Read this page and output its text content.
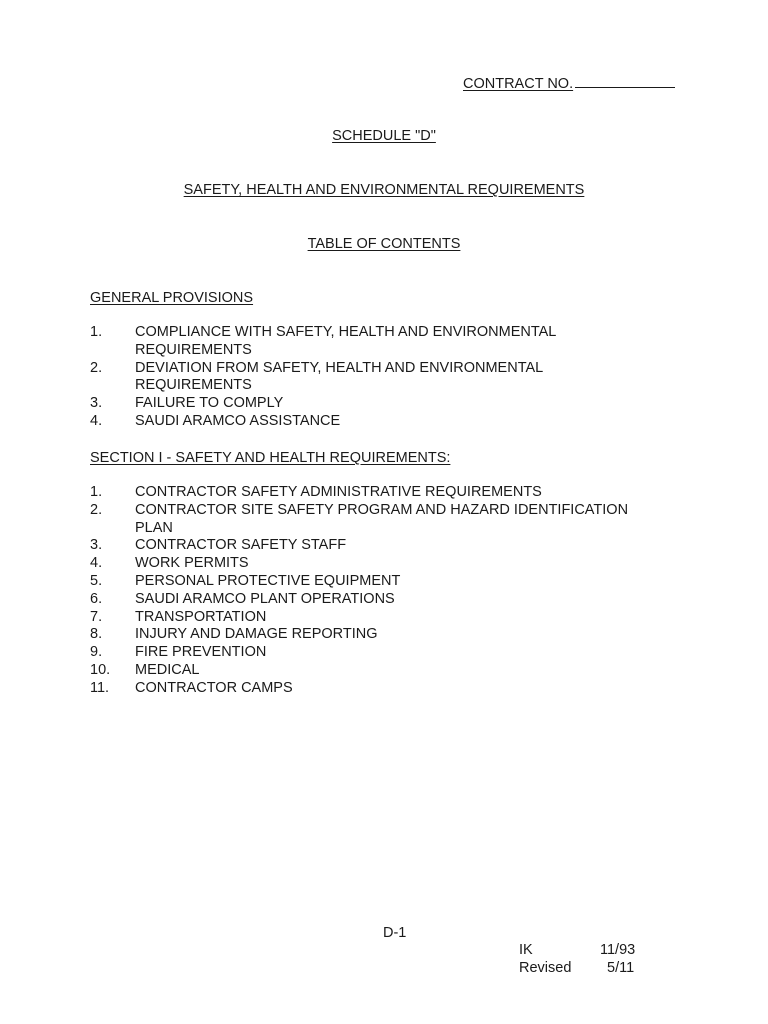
CONTRACT NO.
SCHEDULE "D"
SAFETY, HEALTH AND ENVIRONMENTAL REQUIREMENTS
TABLE OF CONTENTS
GENERAL PROVISIONS
1.	COMPLIANCE WITH SAFETY, HEALTH AND ENVIRONMENTAL REQUIREMENTS
2.	DEVIATION FROM SAFETY, HEALTH AND ENVIRONMENTAL REQUIREMENTS
3.	FAILURE TO COMPLY
4.	SAUDI ARAMCO ASSISTANCE
SECTION I - SAFETY AND HEALTH REQUIREMENTS:
1.	CONTRACTOR SAFETY ADMINISTRATIVE REQUIREMENTS
2.	CONTRACTOR SITE SAFETY PROGRAM AND HAZARD IDENTIFICATION PLAN
3.	CONTRACTOR SAFETY STAFF
4.	WORK PERMITS
5.	PERSONAL PROTECTIVE EQUIPMENT
6.	SAUDI ARAMCO PLANT OPERATIONS
7.	TRANSPORTATION
8.	INJURY AND DAMAGE REPORTING
9.	FIRE PREVENTION
10.	MEDICAL
11.	CONTRACTOR CAMPS
D-1
IK	11/93
Revised 5/11
